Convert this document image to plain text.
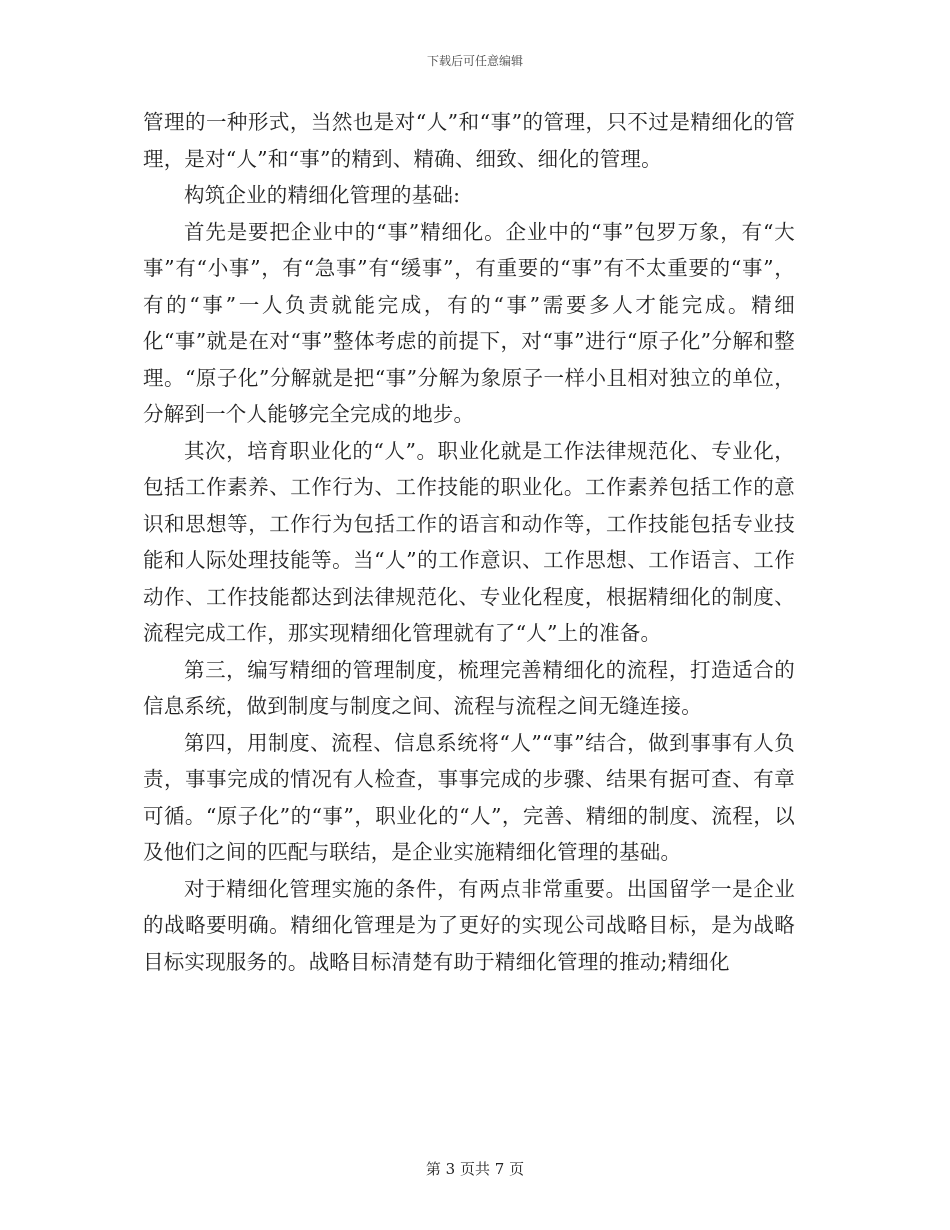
下载后可任意编辑

管理的一种形式，当然也是对“人”和“事”的管理，只不过是精细化的管理，是对“人”和“事”的精到、精确、细致、细化的管理。

构筑企业的精细化管理的基础:

首先是要把企业中的“事”精细化。企业中的“事”包罗万象，有“大事”有“小事”，有“急事”有“缓事”，有重要的“事”有不太重要的“事”，有的“事”一人负责就能完成，有的“事”需要多人才能完成。精细化“事”就是在对“事”整体考虑的前提下，对“事”进行“原子化”分解和整理。“原子化”分解就是把“事”分解为象原子一样小且相对独立的单位，分解到一个人能够完全完成的地步。

其次，培育职业化的“人”。职业化就是工作法律规范化、专业化，包括工作素养、工作行为、工作技能的职业化。工作素养包括工作的意识和思想等，工作行为包括工作的语言和动作等，工作技能包括专业技能和人际处理技能等。当“人”的工作意识、工作思想、工作语言、工作动作、工作技能都达到法律规范化、专业化程度，根据精细化的制度、流程完成工作，那实现精细化管理就有了“人”上的准备。

第三，编写精细的管理制度，梳理完善精细化的流程，打造适合的信息系统，做到制度与制度之间、流程与流程之间无缝连接。

第四，用制度、流程、信息系统将“人”“事”结合，做到事事有人负责，事事完成的情况有人检查，事事完成的步骤、结果有据可查、有章可循。“原子化”的“事”，职业化的“人”，完善、精细的制度、流程，以及他们之间的匹配与联结，是企业实施精细化管理的基础。

对于精细化管理实施的条件，有两点非常重要。出国留学一是企业的战略要明确。精细化管理是为了更好的实现公司战略目标，是为战略目标实现服务的。战略目标清楚有助于精细化管理的推动;精细化

第 3 页共 7 页
